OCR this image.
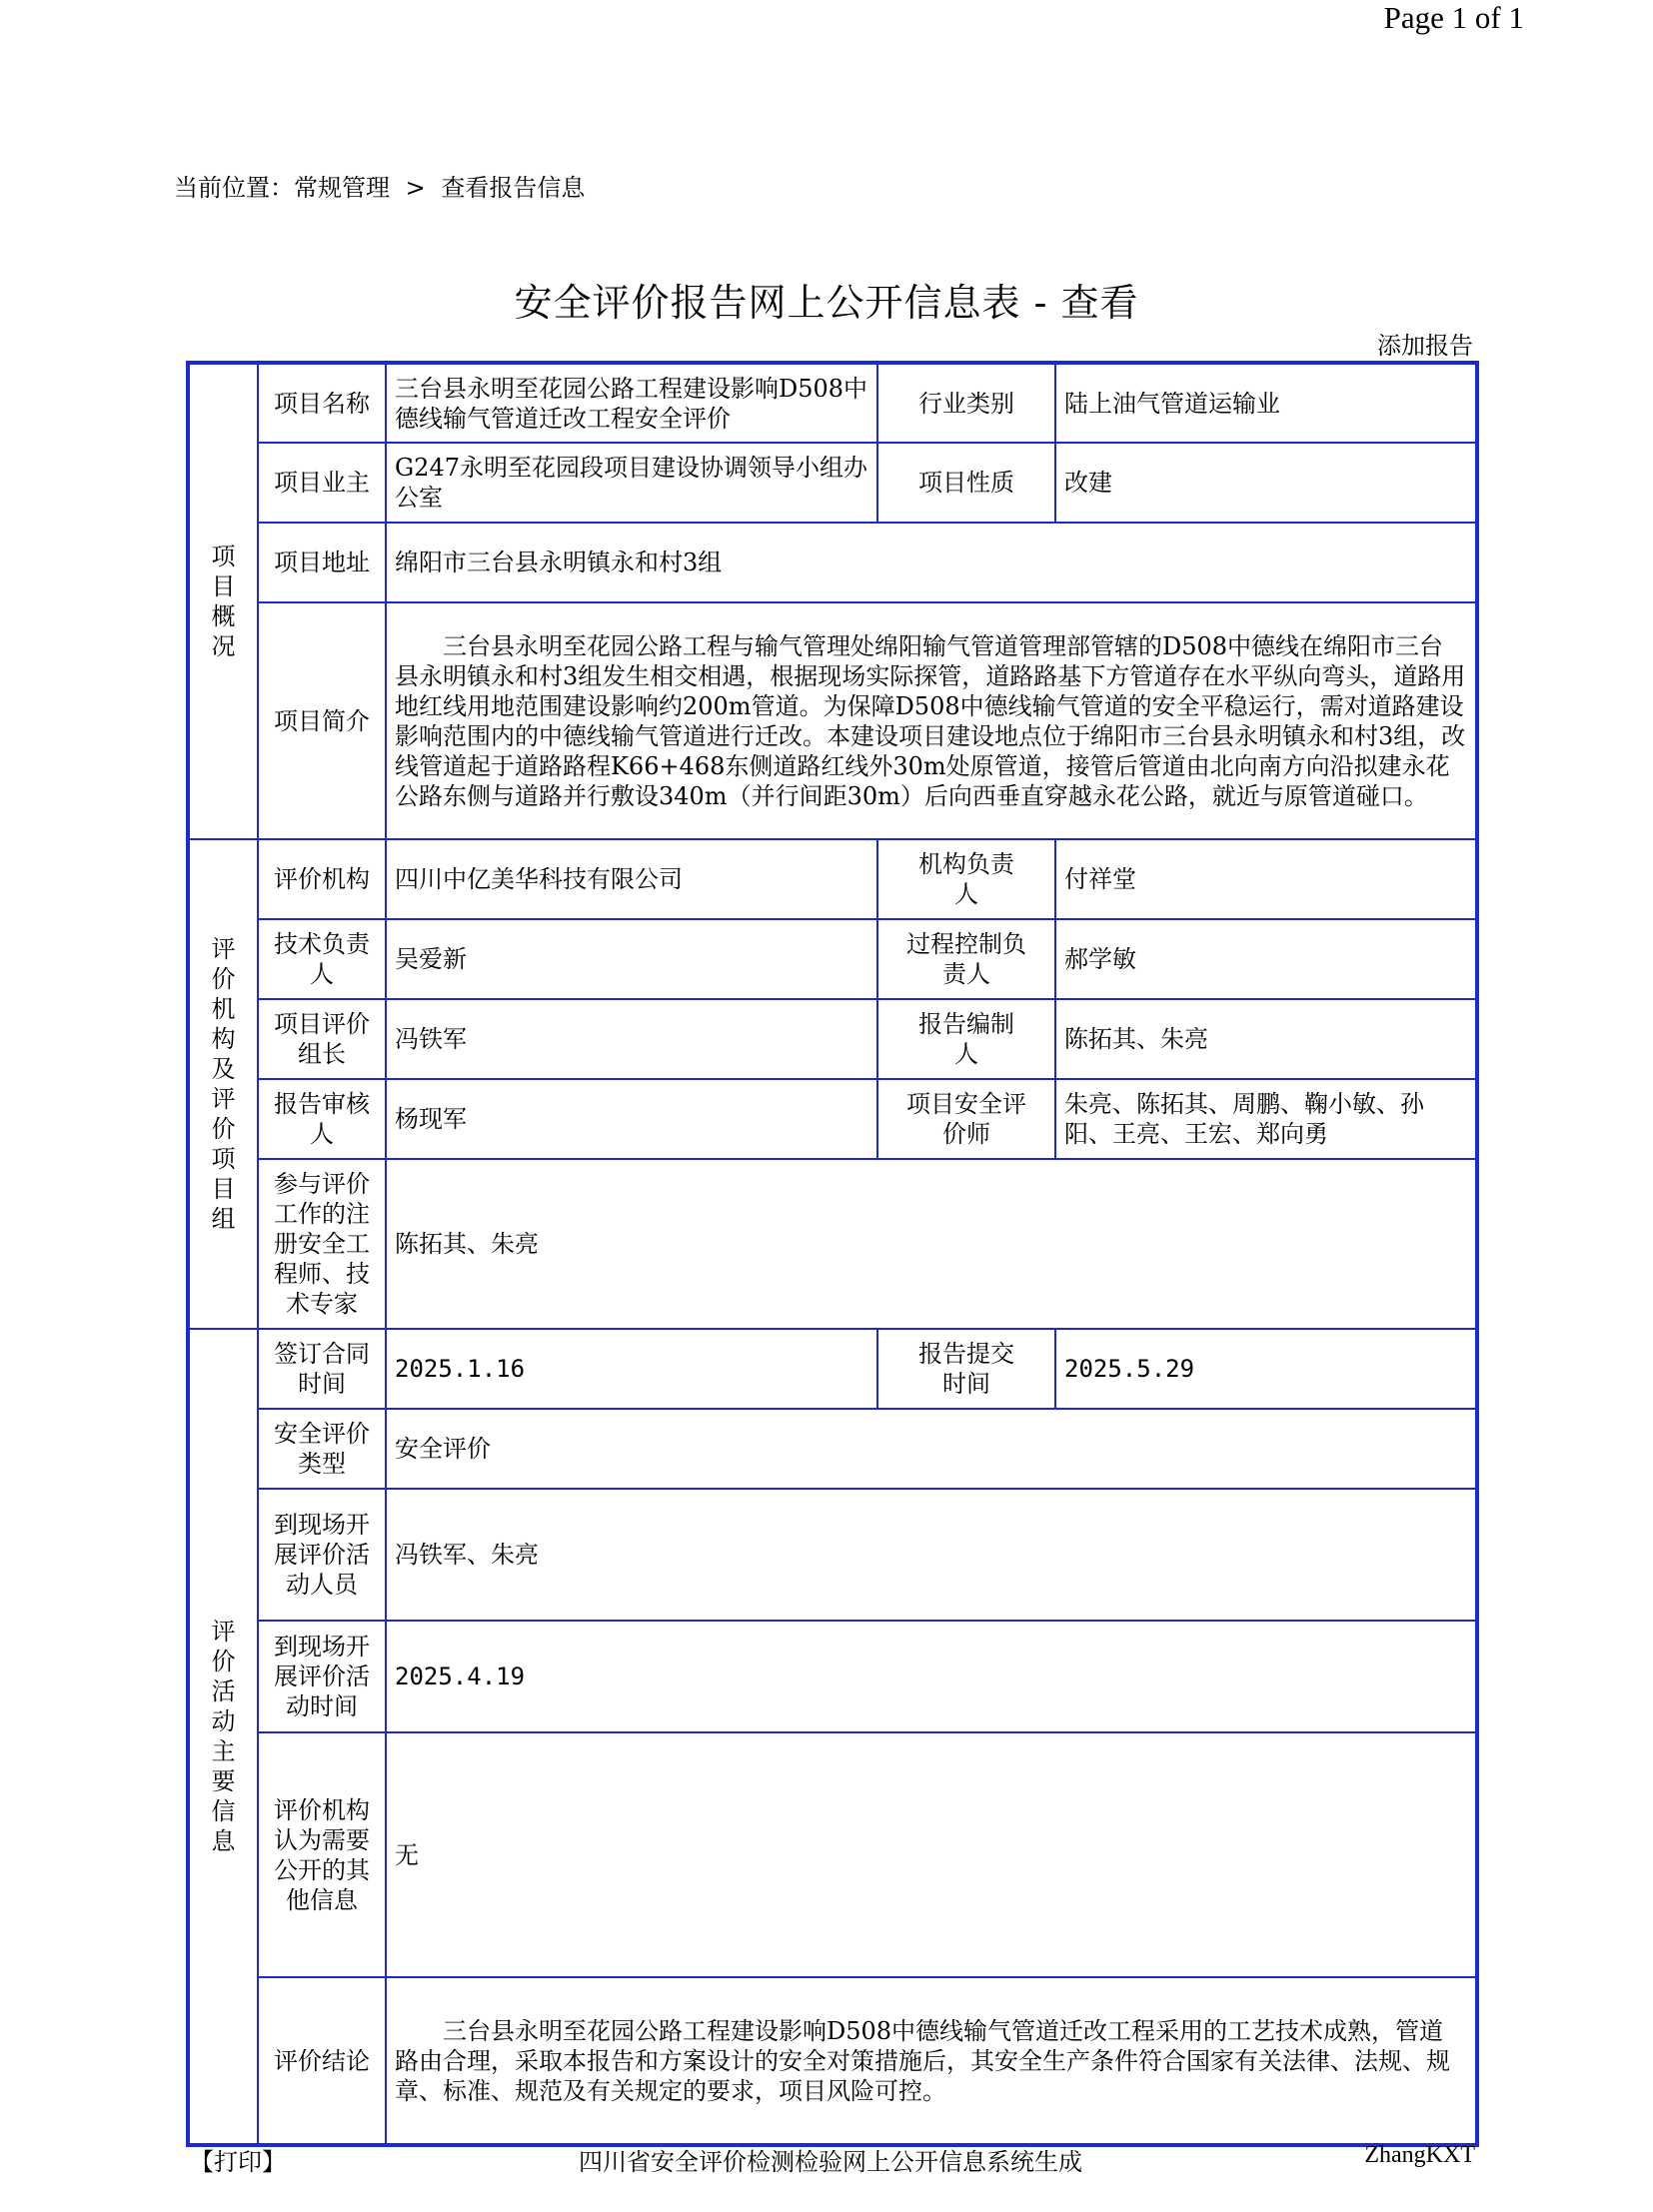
Page 1 of 1
当前位置：常规管理 > 查看报告信息
安全评价报告网上公开信息表 - 查看
添加报告
项目概况	项目名称	三台县永明至花园公路工程建设影响D508中德线输气管道迁改工程安全评价	行业类别	陆上油气管道运输业
	项目业主	G247永明至花园段项目建设协调领导小组办公室	项目性质	改建
	项目地址	绵阳市三台县永明镇永和村3组		
	项目简介	三台县永明至花园公路工程与输气管理处绵阳输气管道管理部管辖的D508中德线在绵阳市三台县永明镇永和村3组发生相交相遇，根据现场实际探管，道路路基下方管道存在水平纵向弯头，道路用地红线用地范围建设影响约200m管道。为保障D508中德线输气管道的安全平稳运行，需对道路建设影响范围内的中德线输气管道进行迁改。本建设项目建设地点位于绵阳市三台县永明镇永和村3组，改线管道起于道路路程K66+468东侧道路红线外30m处原管道，接管后管道由北向南方向沿拟建永花公路东侧与道路并行敷设340m（并行间距30m）后向西垂直穿越永花公路，就近与原管道碰口。		
评价机构及评价项目组	评价机构	四川中亿美华科技有限公司	机构负责人	付祥堂
	技术负责人	吴爱新	过程控制负责人	郝学敏
	项目评价组长	冯铁军	报告编制人	陈拓其、朱亮
	报告审核人	杨现军	项目安全评价师	朱亮、陈拓其、周鹏、鞠小敏、孙阳、王亮、王宏、郑向勇
	参与评价工作的注册安全工程师、技术专家	陈拓其、朱亮		
评价活动主要信息	签订合同时间	2025.1.16	报告提交时间	2025.5.29
	安全评价类型	安全评价		
	到现场开展评价活动人员	冯铁军、朱亮		
	到现场开展评价活动时间	2025.4.19		
	评价机构认为需要公开的其他信息	无		
	评价结论	三台县永明至花园公路工程建设影响D508中德线输气管道迁改工程采用的工艺技术成熟，管道路由合理，采取本报告和方案设计的安全对策措施后，其安全生产条件符合国家有关法律、法规、规章、标准、规范及有关规定的要求，项目风险可控。		
【打印】	四川省安全评价检测检验网上公开信息系统生成	ZhangKXT
